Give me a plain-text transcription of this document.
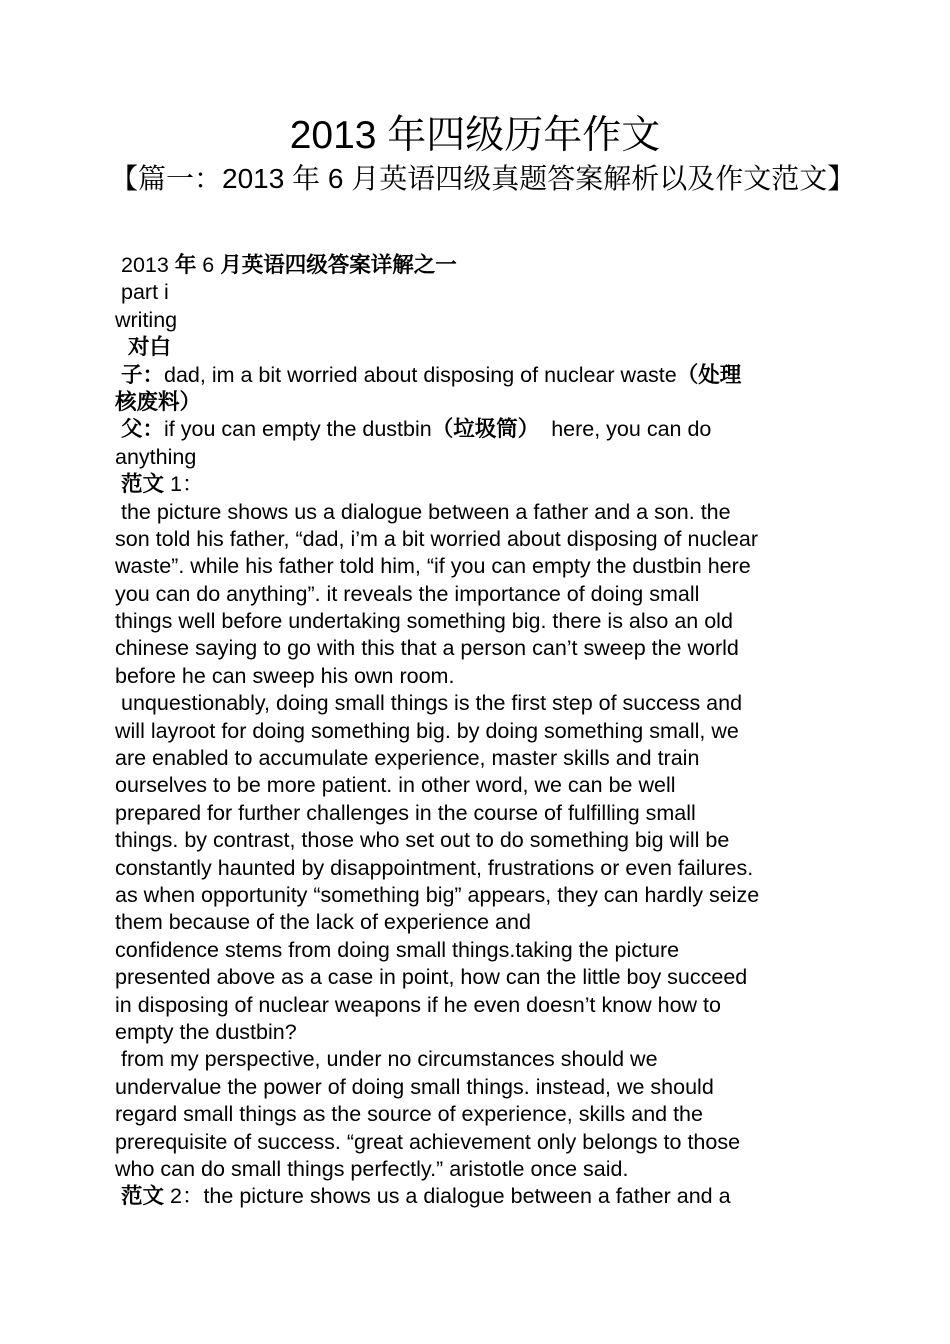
2013 年四级历年作文
【篇一：2013 年 6 月英语四级真题答案解析以及作文范文】
2013 年 6 月英语四级答案详解之一
part i
writing
对白
子：dad, im a bit worried about disposing of nuclear waste（处理
核废料）
父：if you can empty the dustbin（垃圾筒）  here, you can do
anything
范文 1：
the picture shows us a dialogue between a father and a son. the
son told his father, “dad, i’m a bit worried about disposing of nuclear
waste”. while his father told him, “if you can empty the dustbin here
you can do anything”. it reveals the importance of doing small
things well before undertaking something big. there is also an old
chinese saying to go with this that a person can’t sweep the world
before he can sweep his own room.
unquestionably, doing small things is the first step of success and
will layroot for doing something big. by doing something small, we
are enabled to accumulate experience, master skills and train
ourselves to be more patient. in other word, we can be well
prepared for further challenges in the course of fulfilling small
things. by contrast, those who set out to do something big will be
constantly haunted by disappointment, frustrations or even failures.
as when opportunity “something big” appears, they can hardly seize
them because of the lack of experience and
confidence stems from doing small things.taking the picture
presented above as a case in point, how can the little boy succeed
in disposing of nuclear weapons if he even doesn’t know how to
empty the dustbin?
from my perspective, under no circumstances should we
undervalue the power of doing small things. instead, we should
regard small things as the source of experience, skills and the
prerequisite of success. “great achievement only belongs to those
who can do small things perfectly.” aristotle once said.
范文 2：the picture shows us a dialogue between a father and a
